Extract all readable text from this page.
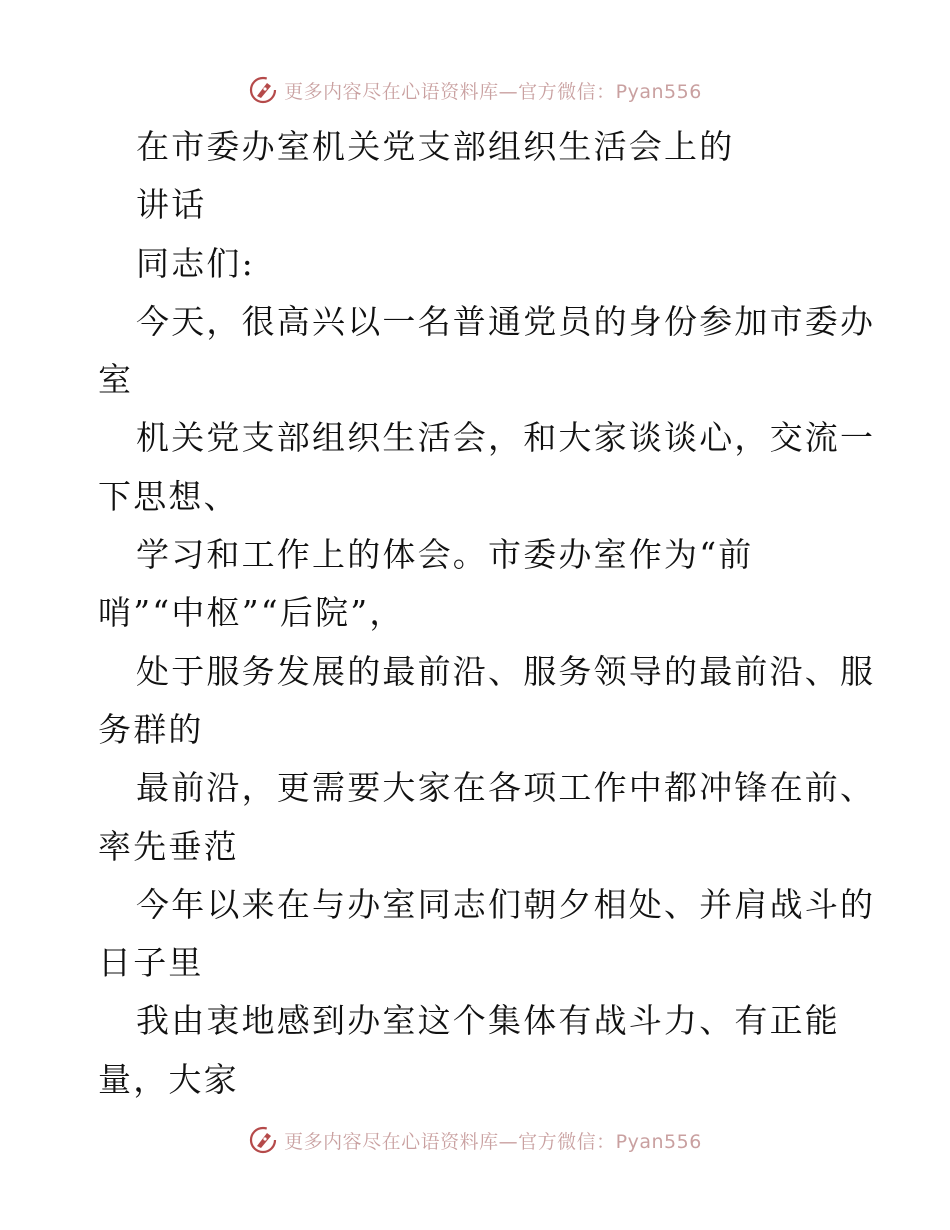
更多内容尽在心语资料库—官方微信：Pyan556
在市委办室机关党支部组织生活会上的
讲话
同志们:
今天，很高兴以一名普通党员的身份参加市委办
室
机关党支部组织生活会，和大家谈谈心，交流一
下思想、
学习和工作上的体会。市委办室作为“前
哨”“中枢”“后院”，
处于服务发展的最前沿、服务领导的最前沿、服
务群的
最前沿，更需要大家在各项工作中都冲锋在前、
率先垂范
今年以来在与办室同志们朝夕相处、并肩战斗的
日子里
我由衷地感到办室这个集体有战斗力、有正能
量，大家
更多内容尽在心语资料库—官方微信：Pyan556
